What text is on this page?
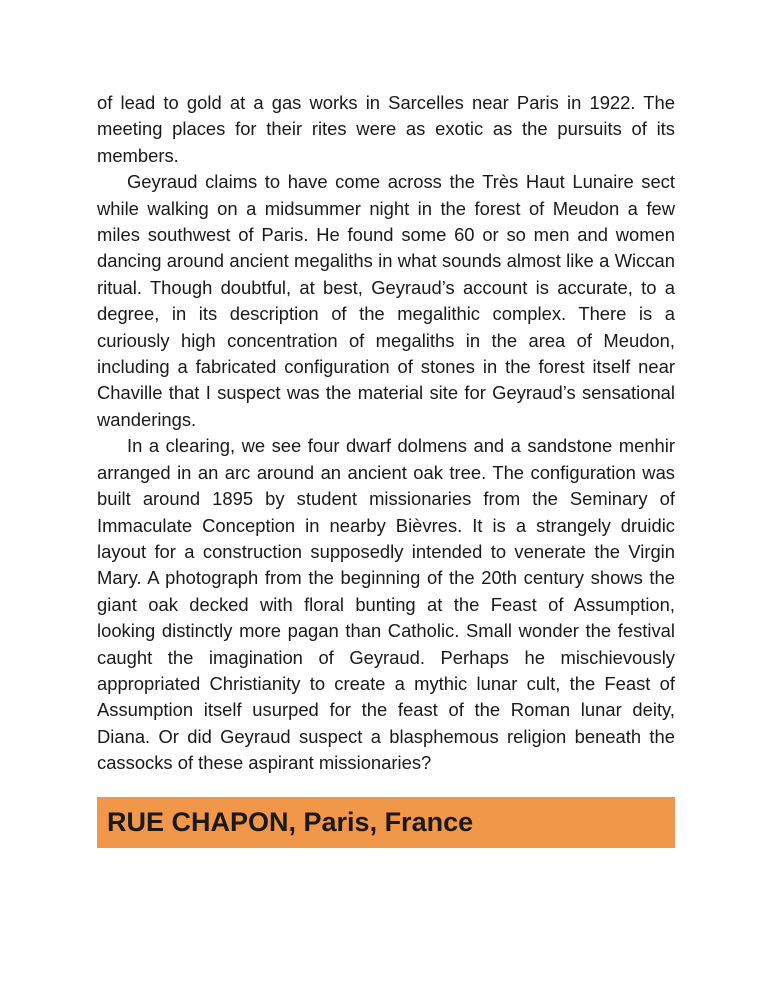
of lead to gold at a gas works in Sarcelles near Paris in 1922. The meeting places for their rites were as exotic as the pursuits of its members.

Geyraud claims to have come across the Très Haut Lunaire sect while walking on a midsummer night in the forest of Meudon a few miles southwest of Paris. He found some 60 or so men and women dancing around ancient megaliths in what sounds almost like a Wiccan ritual. Though doubtful, at best, Geyraud’s account is accurate, to a degree, in its description of the megalithic complex. There is a curiously high concentration of megaliths in the area of Meudon, including a fabricated configuration of stones in the forest itself near Chaville that I suspect was the material site for Geyraud’s sensational wanderings.

In a clearing, we see four dwarf dolmens and a sandstone menhir arranged in an arc around an ancient oak tree. The configuration was built around 1895 by student missionaries from the Seminary of Immaculate Conception in nearby Bièvres. It is a strangely druidic layout for a construction supposedly intended to venerate the Virgin Mary. A photograph from the beginning of the 20th century shows the giant oak decked with floral bunting at the Feast of Assumption, looking distinctly more pagan than Catholic. Small wonder the festival caught the imagination of Geyraud. Perhaps he mischievously appropriated Christianity to create a mythic lunar cult, the Feast of Assumption itself usurped for the feast of the Roman lunar deity, Diana. Or did Geyraud suspect a blasphemous religion beneath the cassocks of these aspirant missionaries?

RUE CHAPON, Paris, France
